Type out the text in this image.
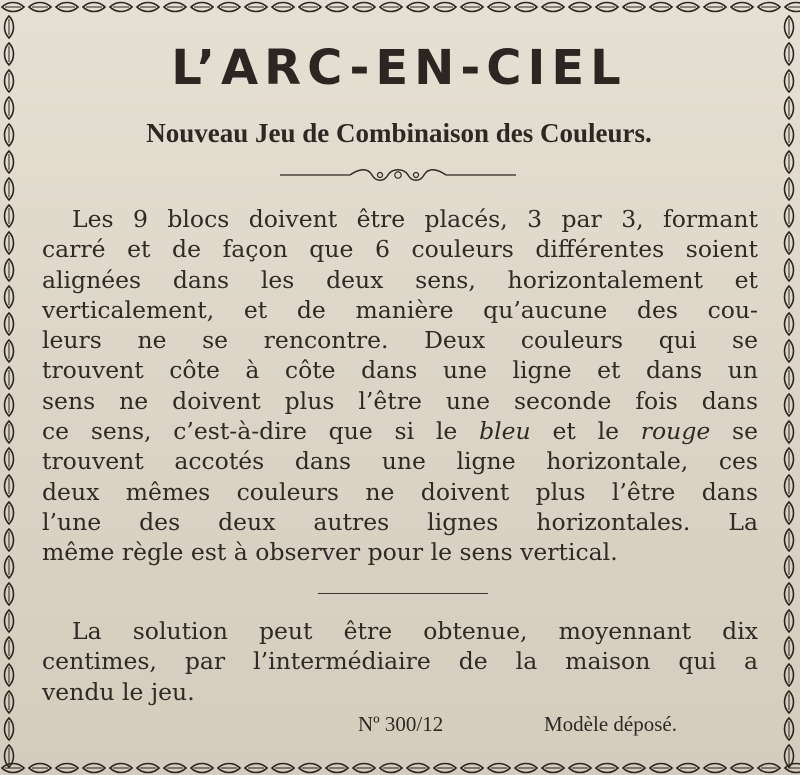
L’ARC-EN-CIEL
Nouveau Jeu de Combinaison des Couleurs.

Les 9 blocs doivent être placés, 3 par 3, formant

carré et de façon que 6 couleurs différentes soient

alignées dans les deux sens, horizontalement et

verticalement, et de manière qu’aucune des cou-

leurs ne se rencontre. Deux couleurs qui se

trouvent côte à côte dans une ligne et dans un

sens ne doivent plus l’être une seconde fois dans

ce sens, c’est-à-dire que si le bleu et le rouge se

trouvent accotés dans une ligne horizontale, ces

deux mêmes couleurs ne doivent plus l’être dans

l’une des deux autres lignes horizontales. La

même règle est à observer pour le sens vertical.

La solution peut être obtenue, moyennant dix

centimes, par l’intermédiaire de la maison qui a

vendu le jeu.

Nº 300/12	Modèle déposé.
